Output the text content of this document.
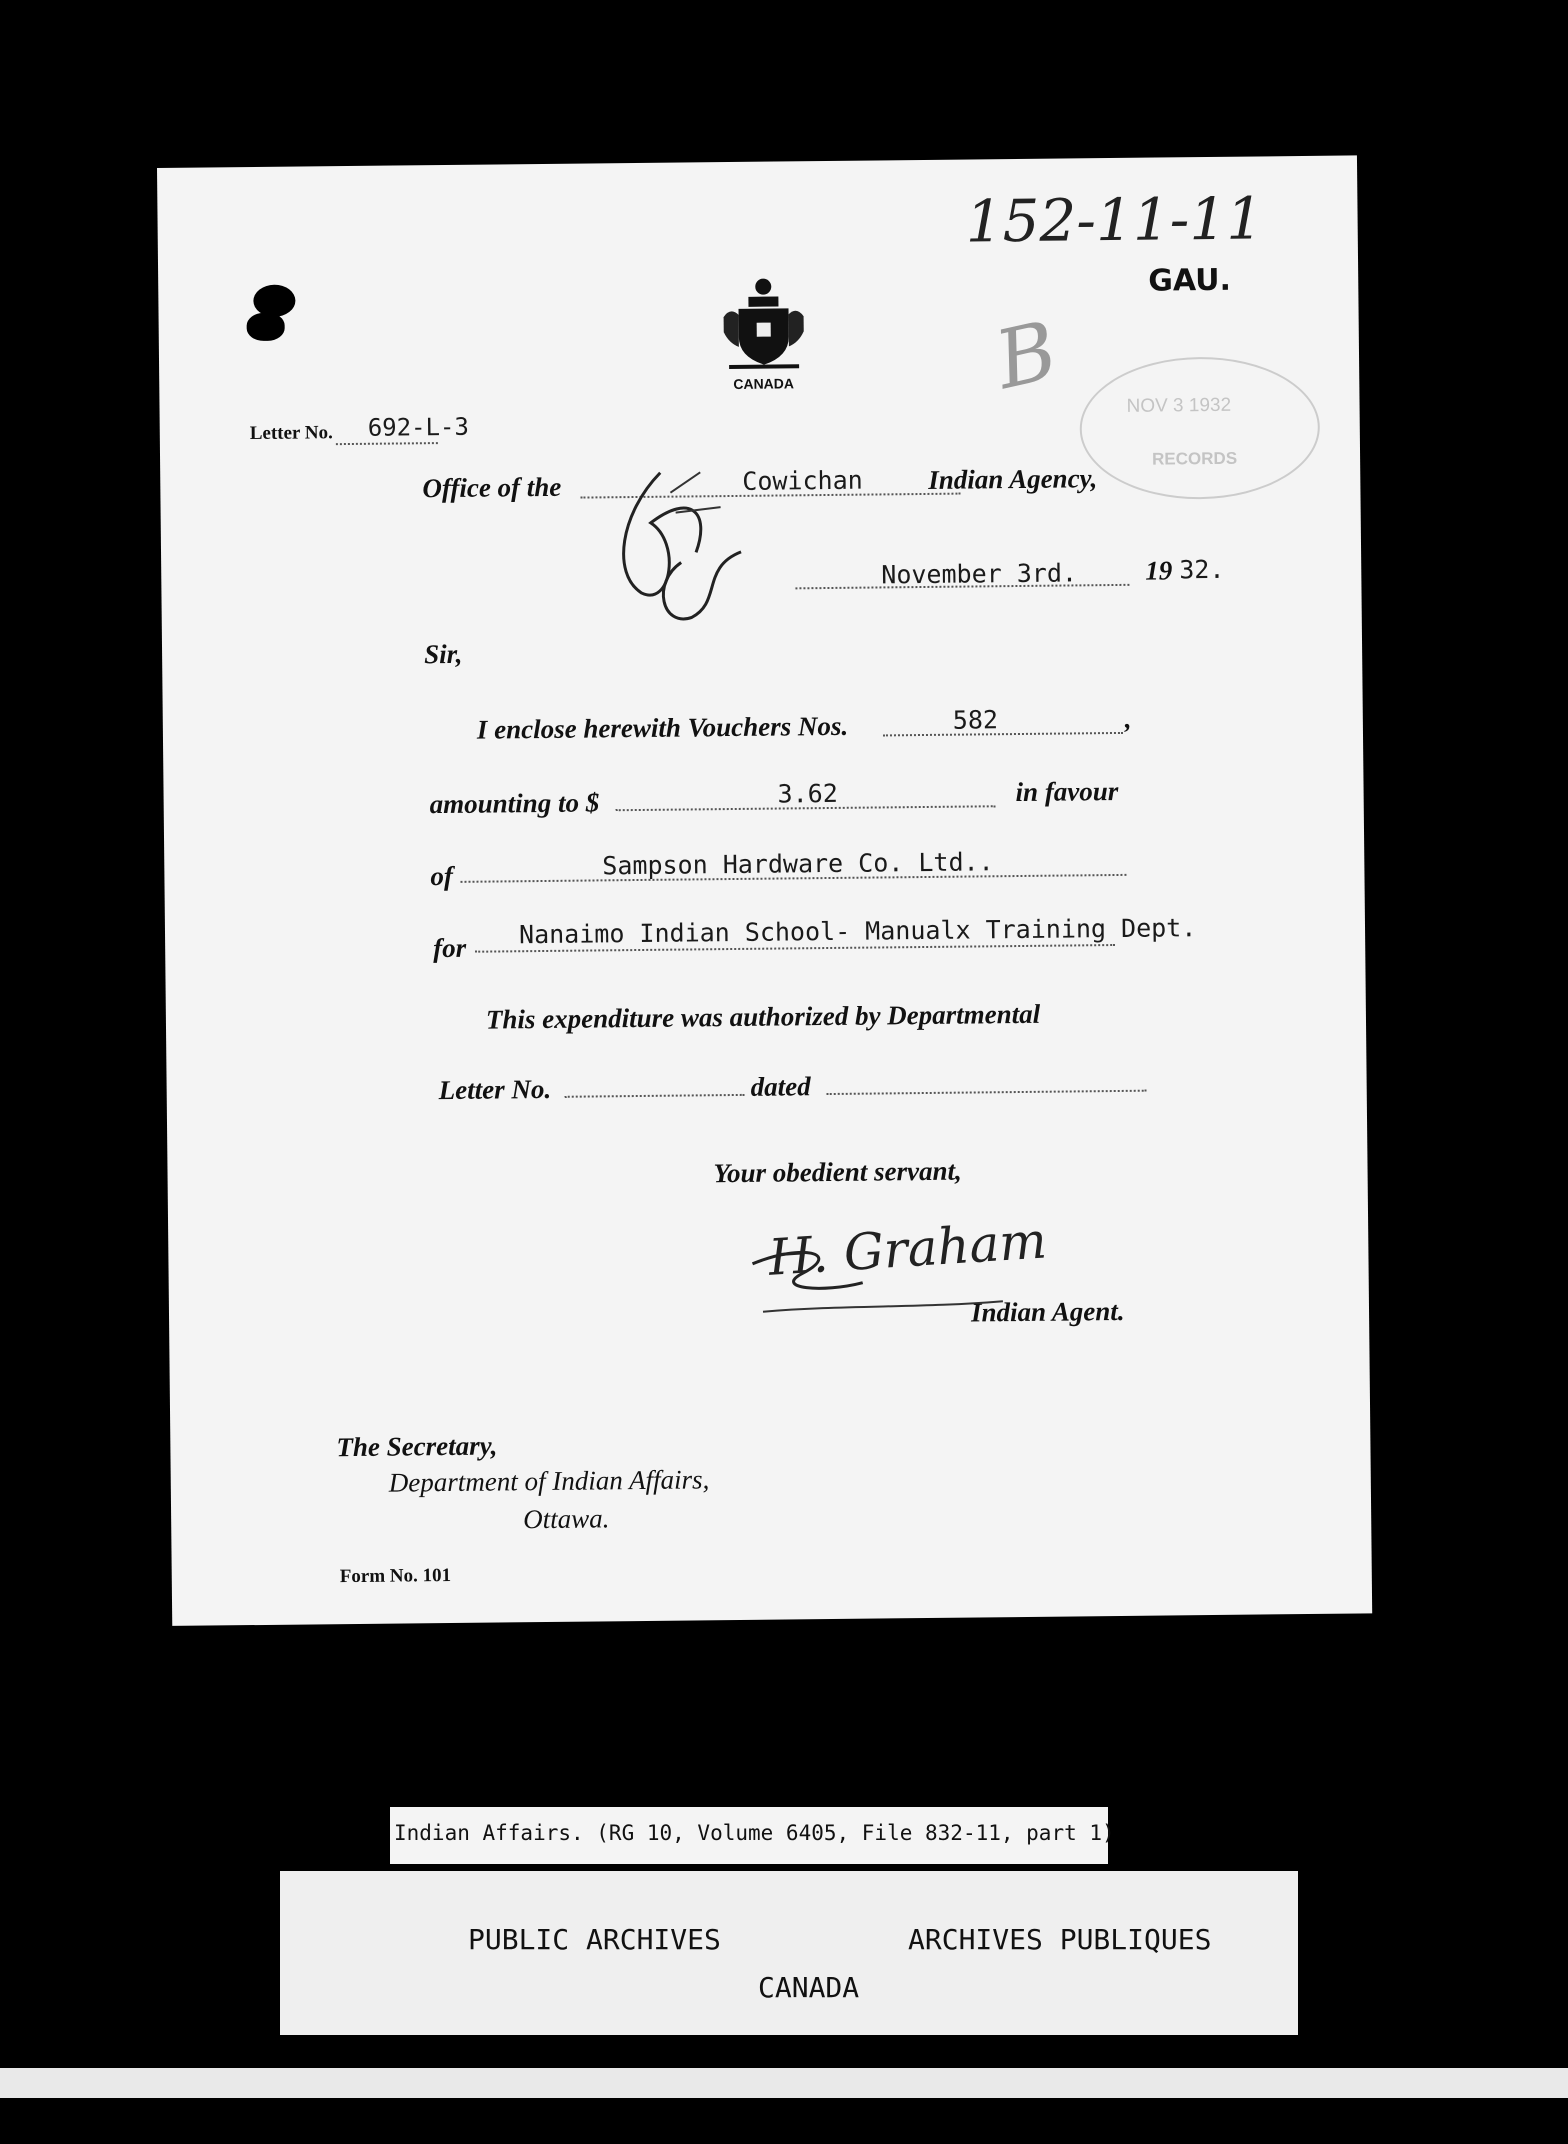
152-11-11
GAU.
B	NOV 3 1932
RECORDS
CANADA
Letter No. 692-L-3
Office of the	Cowichan Indian Agency,
November 3rd.	19 32.
Sir,
I enclose herewith Vouchers Nos.	582	,
amounting to $	3.62	in favour
of	Sampson Hardware Co. Ltd..
for Nanaimo Indian School- Manualx Training Dept.
This expenditure was authorized by Departmental
Letter No.	dated
Your obedient servant,
H. Graham
Indian Agent.
The Secretary,
Department of Indian Affairs,
Ottawa.
Form No. 101
Indian Affairs. (RG 10, Volume 6405, File 832-11, part 1)
PUBLIC ARCHIVES	ARCHIVES PUBLIQUES
CANADA
